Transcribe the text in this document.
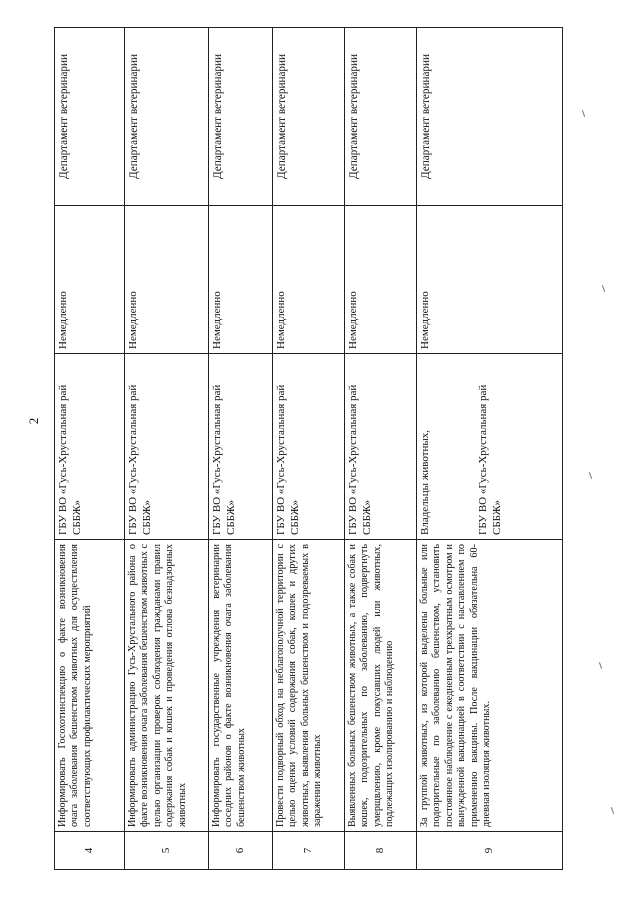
2
4	Информировать Госохотинспекцию о факте возникновения очага заболевания бешенством животных для осуществления соответствующих профилактических мероприятий	ГБУ ВО «Гусь-Хрустальная рай СББЖ»	Немедленно	Департамент ветеринарии
5	Информировать администрацию Гусь-Хрустального района о факте возникновения очага заболевания бешенством животных с целью организации проверок соблюдения гражданами правил содержания собак и кошек и проведения отлова безнадзорных животных	ГБУ ВО «Гусь-Хрустальная рай СББЖ»	Немедленно	Департамент ветеринарии
6	Информировать государственные учреждения ветеринарии соседних районов о факте возникновения очага заболевания бешенством животных	ГБУ ВО «Гусь-Хрустальная рай СББЖ»	Немедленно	Департамент ветеринарии
7	Провести подворный обход на неблагополучной территории с целью оценки условий содержания собак, кошек и других животных, выявления больных бешенством и подозреваемых в заражении животных	ГБУ ВО «Гусь-Хрустальная рай СББЖ»	Немедленно	Департамент ветеринарии
8	Выявленных больных бешенством животных, а также собак и кошек, подозрительных по заболеванию, подвергнуть умерщвлению, кроме покусавших людей или животных, подлежащих изолированию и наблюдению	ГБУ ВО «Гусь-Хрустальная рай СББЖ»	Немедленно	Департамент ветеринарии
9	За группой животных, из которой выделены больные или подозрительные по заболеванию бешенством, установить постоянное наблюдение с ежедневным трехкратным осмотром и вынужденной вакцинацией в соответствии с наставлением по применению вакцины. После вакцинации обязательна 60-дневная изоляция животных.	Владельцы животных, ГБУ ВО «Гусь-Хрустальная рай СББЖ»	Немедленно	Департамент ветеринарии
